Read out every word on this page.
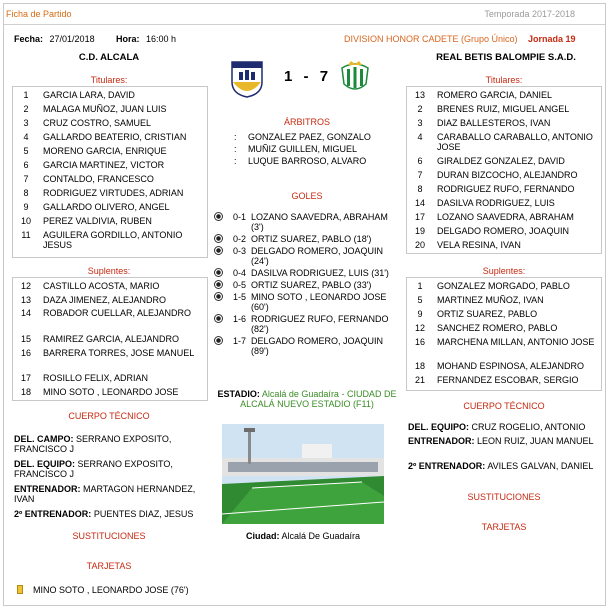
Ficha de Partido	Temporada 2017-2018
Fecha: 27/01/2018 Hora: 16:00 h	DIVISION HONOR CADETE (Grupo Único) Jornada 19
C.D. ALCALA	REAL BETIS BALOMPIE S.A.D.
1 - 7
Titulares:
1	GARCIA LARA, DAVID
2	MALAGA MUÑOZ, JUAN LUIS
3	CRUZ COSTRO, SAMUEL
4	GALLARDO BEATERIO, CRISTIAN
5	MORENO GARCIA, ENRIQUE
6	GARCIA MARTINEZ, VICTOR
7	CONTALDO, FRANCESCO
8	RODRIGUEZ VIRTUDES, ADRIAN
9	GALLARDO OLIVERO, ANGEL
10	PEREZ VALDIVIA, RUBEN
11	AGUILERA GORDILLO, ANTONIO JESUS
Suplentes:
12	CASTILLO ACOSTA, MARIO
13	DAZA JIMENEZ, ALEJANDRO
14	ROBADOR CUELLAR, ALEJANDRO
15	RAMIREZ GARCIA, ALEJANDRO
16	BARRERA TORRES, JOSE MANUEL
17	ROSILLO FELIX, ADRIAN
18	MINO SOTO , LEONARDO JOSE
Titulares:
13	ROMERO GARCIA, DANIEL
2	BRENES RUIZ, MIGUEL ANGEL
3	DIAZ BALLESTEROS, IVAN
4	CARABALLO CARABALLO, ANTONIO JOSE
6	GIRALDEZ GONZALEZ, DAVID
7	DURAN BIZCOCHO, ALEJANDRO
8	RODRIGUEZ RUFO, FERNANDO
14	DASILVA RODRIGUEZ, LUIS
17	LOZANO SAAVEDRA, ABRAHAM
19	DELGADO ROMERO, JOAQUIN
20	VELA RESINA, IVAN
Suplentes:
1	GONZALEZ MORGADO, PABLO
5	MARTINEZ MUÑOZ, IVAN
9	ORTIZ SUAREZ, PABLO
12	SANCHEZ ROMERO, PABLO
16	MARCHENA MILLAN, ANTONIO JOSE
18	MOHAND ESPINOSA, ALEJANDRO
21	FERNANDEZ ESCOBAR, SERGIO
ÁRBITROS
: GONZALEZ PAEZ, GONZALO
: MUÑIZ GUILLEN, MIGUEL
: LUQUE BARROSO, ALVARO
GOLES
0-1 LOZANO SAAVEDRA, ABRAHAM (3')
0-2 ORTIZ SUAREZ, PABLO (18')
0-3 DELGADO ROMERO, JOAQUIN (24')
0-4 DASILVA RODRIGUEZ, LUIS (31')
0-5 ORTIZ SUAREZ, PABLO (33')
1-5 MINO SOTO , LEONARDO JOSE (60')
1-6 RODRIGUEZ RUFO, FERNANDO (82')
1-7 DELGADO ROMERO, JOAQUIN (89')
ESTADIO: Alcalá de Guadaíra - CIUDAD DE ALCALÁ NUEVO ESTADIO (F11)
Ciudad: Alcalá De Guadaíra
CUERPO TÉCNICO
DEL. CAMPO: SERRANO EXPOSITO, FRANCISCO J
DEL. EQUIPO: SERRANO EXPOSITO, FRANCISCO J
ENTRENADOR: MARTAGON HERNANDEZ, IVAN
2º ENTRENADOR: PUENTES DIAZ, JESUS
SUSTITUCIONES
TARJETAS
MINO SOTO , LEONARDO JOSE (76')
CUERPO TÉCNICO
DEL. EQUIPO: CRUZ ROGELIO, ANTONIO
ENTRENADOR: LEON RUIZ, JUAN MANUEL
2º ENTRENADOR: AVILES GALVAN, DANIEL
SUSTITUCIONES
TARJETAS
